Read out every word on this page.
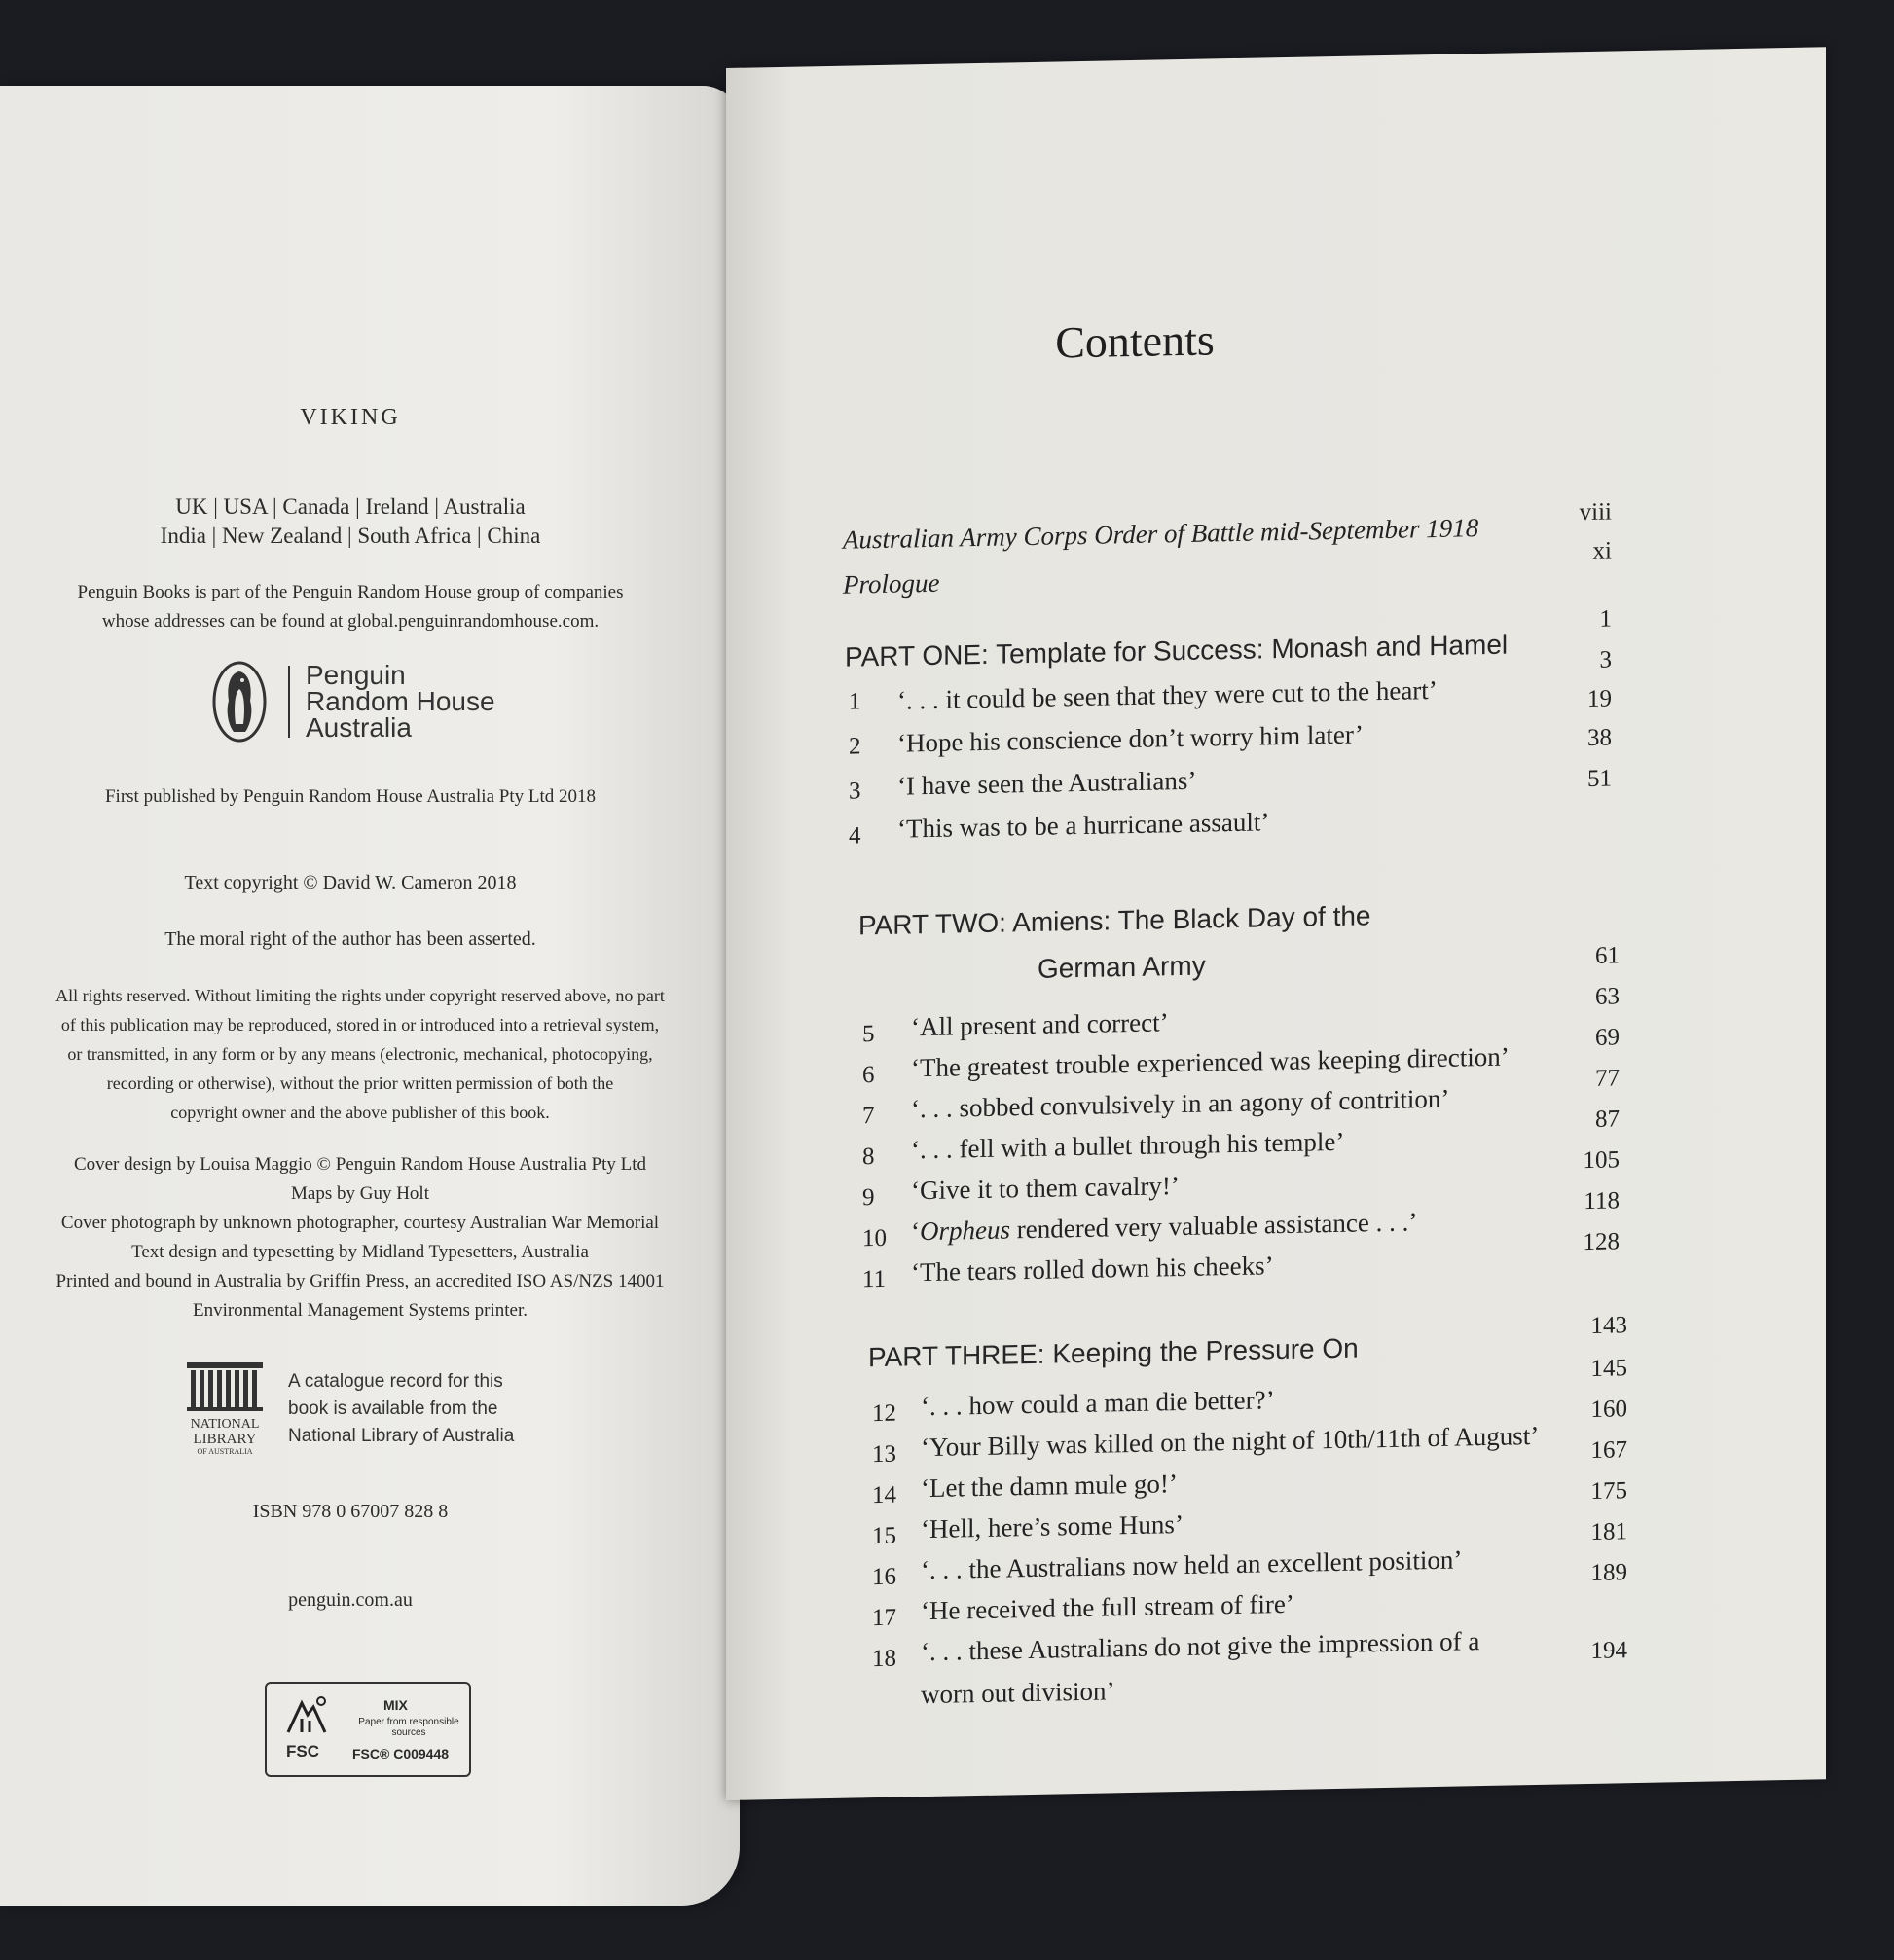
VIKING
UK | USA | Canada | Ireland | Australia
India | New Zealand | South Africa | China
Penguin Books is part of the Penguin Random House group of companies
whose addresses can be found at global.penguinrandomhouse.com.
Penguin
Random House
Australia
First published by Penguin Random House Australia Pty Ltd 2018
Text copyright © David W. Cameron 2018
The moral right of the author has been asserted.
All rights reserved. Without limiting the rights under copyright reserved above, no part
of this publication may be reproduced, stored in or introduced into a retrieval system,
or transmitted, in any form or by any means (electronic, mechanical, photocopying,
recording or otherwise), without the prior written permission of both the
copyright owner and the above publisher of this book.
Cover design by Louisa Maggio © Penguin Random House Australia Pty Ltd
Maps by Guy Holt
Cover photograph by unknown photographer, courtesy Australian War Memorial
Text design and typesetting by Midland Typesetters, Australia
Printed and bound in Australia by Griffin Press, an accredited ISO AS/NZS 14001
Environmental Management Systems printer.
NATIONAL
LIBRARY
OF AUSTRALIA
A catalogue record for this
book is available from the
National Library of Australia
ISBN 978 0 67007 828 8
penguin.com.au
FSC
MIX
Paper from responsible sources
FSC® C009448
Contents
Australian Army Corps Order of Battle mid-September 1918
viii
Prologue
xi
PART ONE: Template for Success: Monash and Hamel
1
1 ‘. . . it could be seen that they were cut to the heart’
3
2 ‘Hope his conscience don’t worry him later’
19
3 ‘I have seen the Australians’
38
4 ‘This was to be a hurricane assault’
51
PART TWO: Amiens: The Black Day of the
German Army	61
5 ‘All present and correct’
63
6 ‘The greatest trouble experienced was keeping direction’
69
7 ‘. . . sobbed convulsively in an agony of contrition’
77
8 ‘. . . fell with a bullet through his temple’
87
9 ‘Give it to them cavalry!’
105
10 ‘Orpheus rendered very valuable assistance . . .’
118
11 ‘The tears rolled down his cheeks’
128
PART THREE: Keeping the Pressure On
143
12 ‘. . . how could a man die better?’
145
13 ‘Your Billy was killed on the night of 10th/11th of August’
160
14 ‘Let the damn mule go!’
167
15 ‘Hell, here’s some Huns’
175
16 ‘. . . the Australians now held an excellent position’
181
17 ‘He received the full stream of fire’
189
18 ‘. . . these Australians do not give the impression of a
worn out division’
194
